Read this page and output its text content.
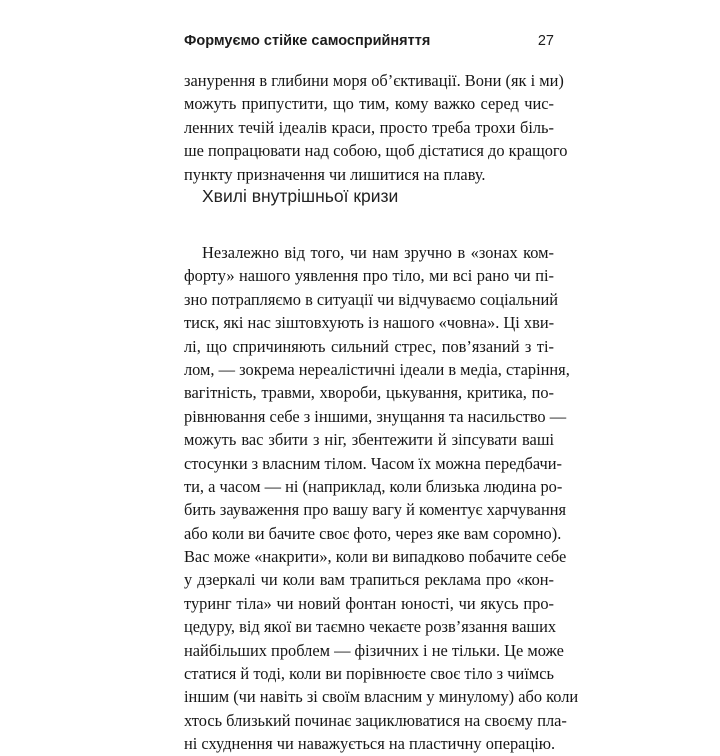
Формуємо стійке самосприйняття	27
занурення в глибини моря об’єктивації. Вони (як і ми)
можуть припустити, що тим, кому важко серед чис-
ленних течій ідеалів краси, просто треба трохи біль-
ше попрацювати над собою, щоб дістатися до кращого
пункту призначення чи лишитися на плаву.
Хвилі внутрішньої кризи
Незалежно від того, чи нам зручно в «зонах ком-
форту» нашого уявлення про тіло, ми всі рано чи пі-
зно потрапляємо в ситуації чи відчуваємо соціальний
тиск, які нас зіштовхують із нашого «човна». Ці хви-
лі, що спричиняють сильний стрес, пов’язаний з ті-
лом, — зокрема нереалістичні ідеали в медіа, старіння,
вагітність, травми, хвороби, цькування, критика, по-
рівнювання себе з іншими, знущання та насильство —
можуть вас збити з ніг, збентежити й зіпсувати ваші
стосунки з власним тілом. Часом їх можна передбачи-
ти, а часом — ні (наприклад, коли близька людина ро-
бить зауваження про вашу вагу й коментує харчування
або коли ви бачите своє фото, через яке вам соромно).
Вас може «накрити», коли ви випадково побачите себе
у дзеркалі чи коли вам трапиться реклама про «кон-
туринг тіла» чи новий фонтан юності, чи якусь про-
цедуру, від якої ви таємно чекаєте розв’язання ваших
найбільших проблем — фізичних і не тільки. Це може
статися й тоді, коли ви порівнюєте своє тіло з чиїмсь
іншим (чи навіть зі своїм власним у минулому) або коли
хтось близький починає зациклюватися на своєму пла-
ні схуднення чи наважується на пластичну операцію.
